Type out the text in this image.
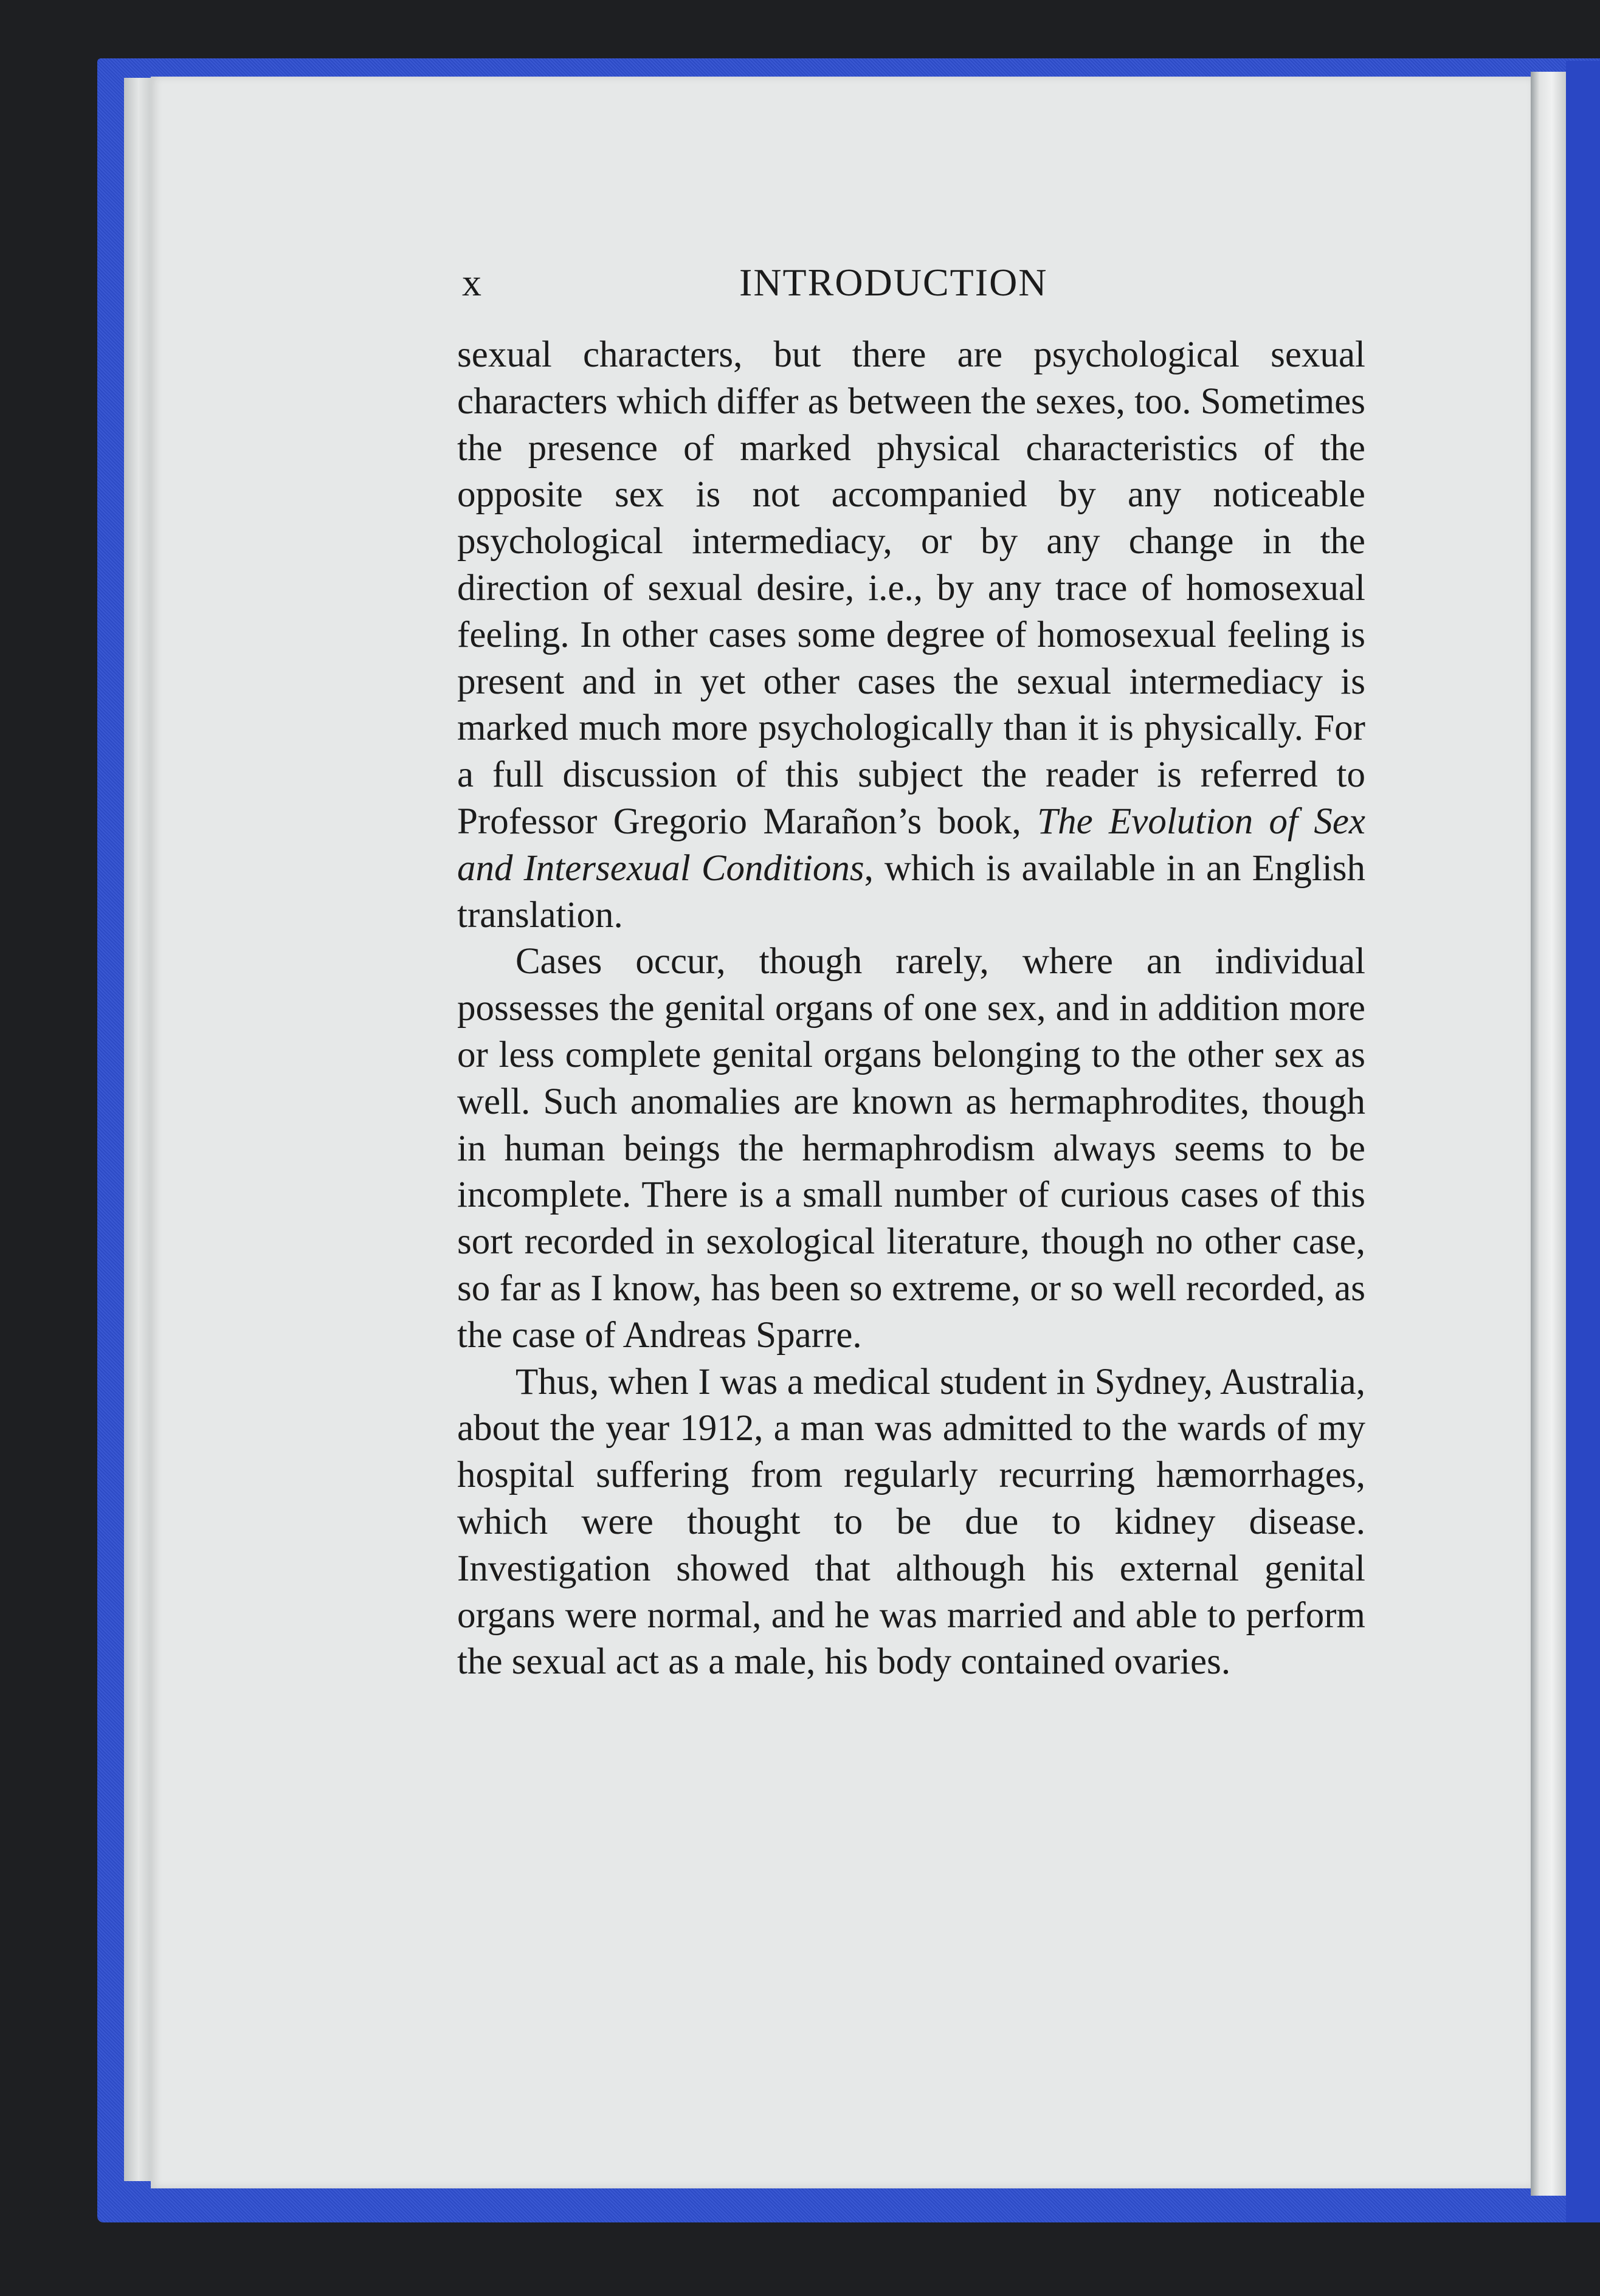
x	INTRODUCTION

sexual characters, but there are psychological sexual characters which differ as between the sexes, too. Sometimes the presence of marked physical characteristics of the opposite sex is not accompanied by any noticeable psychological intermediacy, or by any change in the direction of sexual desire, i.e., by any trace of homosexual feeling. In other cases some degree of homosexual feeling is present and in yet other cases the sexual intermediacy is marked much more psychologically than it is physically. For a full discussion of this subject the reader is referred to Professor Gregorio Marañon’s book, The Evolution of Sex and Intersexual Conditions, which is available in an English translation.

Cases occur, though rarely, where an individual possesses the genital organs of one sex, and in addition more or less complete genital organs belonging to the other sex as well. Such anomalies are known as hermaphrodites, though in human beings the hermaphrodism always seems to be incomplete. There is a small number of curious cases of this sort recorded in sexological literature, though no other case, so far as I know, has been so extreme, or so well recorded, as the case of Andreas Sparre.

Thus, when I was a medical student in Sydney, Australia, about the year 1912, a man was admitted to the wards of my hospital suffering from regularly recurring hæmorrhages, which were thought to be due to kidney disease. Investigation showed that although his external genital organs were normal, and he was married and able to perform the sexual act as a male, his body contained ovaries.
